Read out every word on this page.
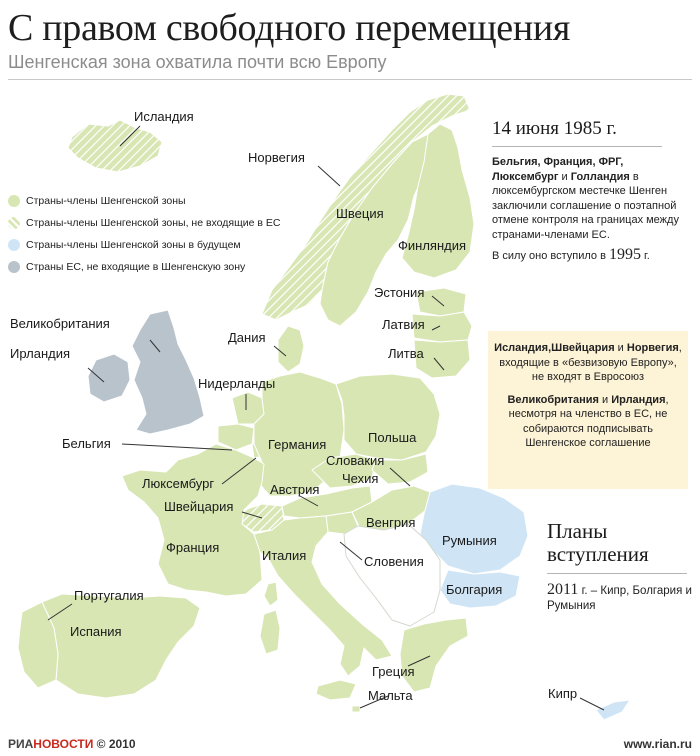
С правом свободного перемещения
Шенгенская зона охватила почти всю Европу
Исландия
Норвегия
Швеция
Финляндия
Эстония
Латвия
Литва
Дания
Великобритания
Ирландия
Нидерланды
Бельгия	Германия	Польша
Словакия
Чехия
Люксембург	Австрия
Швейцария
Венгрия
Румыния
Франция
Италия	Словения
Болгария
Португалия
Испания
Греция
Мальта	Кипр
Страны-члены Шенгенской зоны
Страны-члены Шенгенской зоны, не входящие в ЕС
Страны-члены Шенгенской зоны в будущем
Страны ЕС, не входящие в Шенгенскую зону
14 июня 1985 г.
Бельгия, Франция, ФРГ, Люксембург и Голландия в люксембургском местечке Шенген заключили соглашение о поэтапной отмене контроля на границах между странами-членами ЕС.
В силу оно вступило в 1995 г.
Исландия,Швейцария и Норвегия, входящие в «безвизовую Европу», не входят в Евросоюз
Великобритания и Ирландия, несмотря на членство в ЕС, не собираются подписывать Шенгенское соглашение
Планы вступления
2011 г. – Кипр, Болгария и Румыния
РИАНОВОСТИ © 2010	www.rian.ru
